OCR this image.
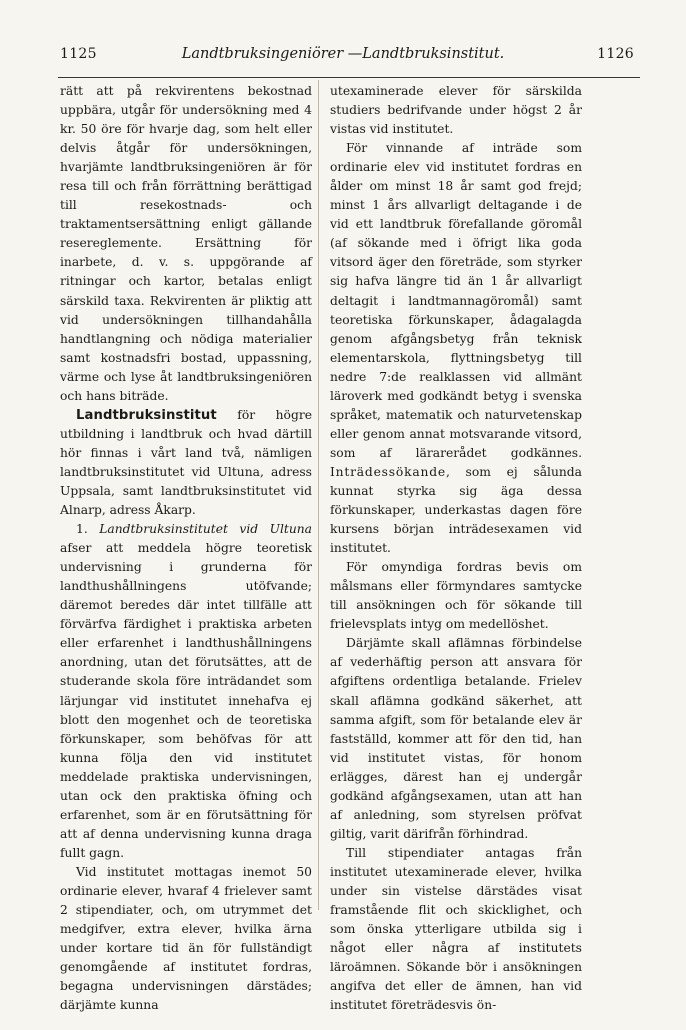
1125	Landtbruksingeniörer —Landtbruksinstitut.	1126

rätt att på rekvirentens bekostnad uppbära, utgår för undersökning med 4 kr. 50 öre för hvarje dag, som helt eller delvis åtgår för undersökningen, hvarjämte landtbruksingeniören är för resa till och från förrättning berättigad till resekostnads- och traktamentsersättning enligt gällande resereglemente. Ersättning för inarbete, d. v. s. uppgörande af ritningar och kartor, betalas enligt särskild taxa. Rekvirenten är pliktig att vid undersökningen tillhandahålla handtlangning och nödiga materialier samt kostnadsfri bostad, uppassning, värme och lyse åt landtbruksingeniören och hans biträde.

Landtbruksinstitut för högre utbildning i landtbruk och hvad därtill hör finnas i vårt land två, nämligen landtbruksinstitutet vid Ultuna, adress Uppsala, samt landtbruksinstitutet vid Alnarp, adress Åkarp.

1. Landtbruksinstitutet vid Ultuna afser att meddela högre teoretisk undervisning i grunderna för landthushållningens utöfvande; däremot beredes där intet tillfälle att förvärfva färdighet i praktiska arbeten eller erfarenhet i landthushållningens anordning, utan det förutsättes, att de studerande skola före inträdandet som lärjungar vid institutet innehafva ej blott den mogenhet och de teoretiska förkunskaper, som behöfvas för att kunna följa den vid institutet meddelade praktiska undervisningen, utan ock den praktiska öfning och erfarenhet, som är en förutsättning för att af denna undervisning kunna draga fullt gagn.

Vid institutet mottagas inemot 50 ordinarie elever, hvaraf 4 frielever samt 2 stipendiater, och, om utrymmet det medgifver, extra elever, hvilka ärna under kortare tid än för fullständigt genomgående af institutet fordras, begagna undervisningen därstädes; därjämte kunna

utexaminerade elever för särskilda studiers bedrifvande under högst 2 år vistas vid institutet.

För vinnande af inträde som ordinarie elev vid institutet fordras en ålder om minst 18 år samt god frejd; minst 1 års allvarligt deltagande i de vid ett landtbruk förefallande göromål (af sökande med i öfrigt lika goda vitsord äger den företräde, som styrker sig hafva längre tid än 1 år allvarligt deltagit i landtmannagöromål) samt teoretiska förkunskaper, ådagalagda genom afgångsbetyg från teknisk elementarskola, flyttningsbetyg till nedre 7:de realklassen vid allmänt läroverk med godkändt betyg i svenska språket, matematik och naturvetenskap eller genom annat motsvarande vitsord, som af lärarerådet godkännes. Inträdessökande, som ej sålunda kunnat styrka sig äga dessa förkunskaper, underkastas dagen före kursens början inträdesexamen vid institutet.

För omyndiga fordras bevis om målsmans eller förmyndares samtycke till ansökningen och för sökande till frielevsplats intyg om medellöshet.

Därjämte skall aflämnas förbindelse af vederhäftig person att ansvara för afgiftens ordentliga betalande. Frielev skall aflämna godkänd säkerhet, att samma afgift, som för betalande elev är fastställd, kommer att för den tid, han vid institutet vistas, för honom erlägges, därest han ej undergår godkänd afgångsexamen, utan att han af anledning, som styrelsen pröfvat giltig, varit därifrån förhindrad.

Till stipendiater antagas från institutet utexaminerade elever, hvilka under sin vistelse därstädes visat framstående flit och skicklighet, och som önska ytterligare utbilda sig i något eller några af institutets läroämnen. Sökande bör i ansökningen angifva det eller de ämnen, han vid institutet företrädesvis ön-
